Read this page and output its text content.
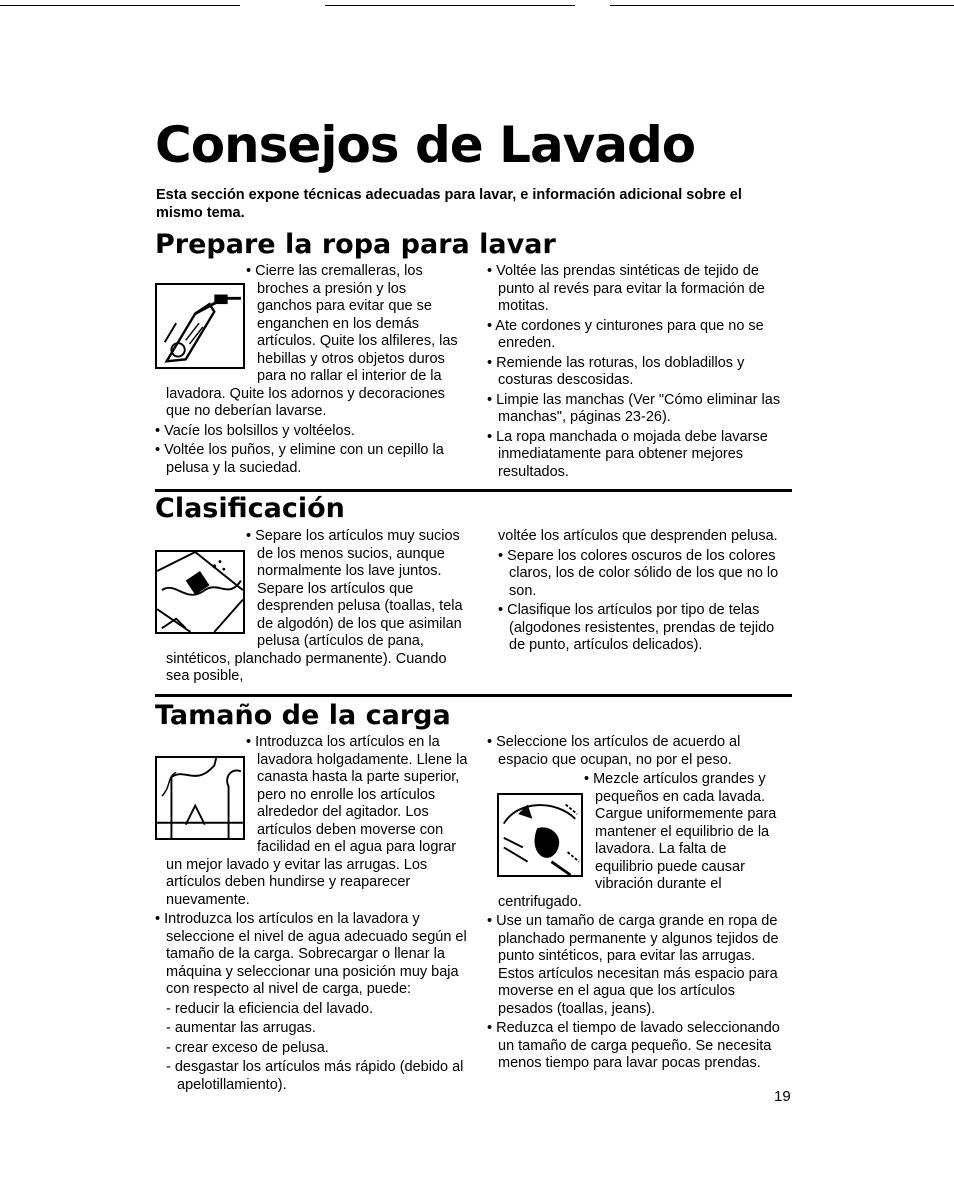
Consejos de Lavado
Esta sección expone técnicas adecuadas para lavar, e información adicional sobre el mismo tema.
Prepare la ropa para lavar

• Cierre las cremalleras, los broches a presión y los ganchos para evitar que se enganchen en los demás artículos. Quite los alfileres, las hebillas y otros objetos duros para no rallar el interior de la lavadora. Quite los adornos y decoraciones que no deberían lavarse.

• Vacíe los bolsillos y voltéelos.

• Voltée los puños, y elimine con un cepillo la pelusa y la suciedad.

• Voltée las prendas sintéticas de tejido de punto al revés para evitar la formación de motitas.

• Ate cordones y cinturones para que no se enreden.

• Remiende las roturas, los dobladillos y costuras descosidas.

• Limpie las manchas (Ver "Cómo eliminar las manchas", páginas 23-26).

• La ropa manchada o mojada debe lavarse inmediatamente para obtener mejores resultados.

Clasificación

• Separe los artículos muy sucios de los menos sucios, aunque normalmente los lave juntos. Separe los artículos que desprenden pelusa (toallas, tela de algodón) de los que asimilan pelusa (artículos de pana, sintéticos, planchado permanente). Cuando sea posible,

voltée los artículos que desprenden pelusa.

• Separe los colores oscuros de los colores claros, los de color sólido de los que no lo son.

• Clasifique los artículos por tipo de telas (algodones resistentes, prendas de tejido de punto, artículos delicados).

Tamaño de la carga

• Introduzca los artículos en la lavadora holgadamente. Llene la canasta hasta la parte superior, pero no enrolle los artículos alrededor del agitador. Los artículos deben moverse con facilidad en el agua para lograr un mejor lavado y evitar las arrugas. Los artículos deben hundirse y reaparecer nuevamente.

• Introduzca los artículos en la lavadora y seleccione el nivel de agua adecuado según el tamaño de la carga. Sobrecargar o llenar la máquina y seleccionar una posición muy baja con respecto al nivel de carga, puede:

- reducir la eficiencia del lavado.

- aumentar las arrugas.

- crear exceso de pelusa.

- desgastar los artículos más rápido (debido al apelotillamiento).

• Seleccione los artículos de acuerdo al espacio que ocupan, no por el peso.

• Mezcle artículos grandes y pequeños en cada lavada. Cargue uniformemente para mantener el equilibrio de la lavadora. La falta de equilibrio puede causar vibración durante el centrifugado.

• Use un tamaño de carga grande en ropa de planchado permanente y algunos tejidos de punto sintéticos, para evitar las arrugas. Estos artículos necesitan más espacio para moverse en el agua que los artículos pesados (toallas, jeans).

• Reduzca el tiempo de lavado seleccionando un tamaño de carga pequeño. Se necesita menos tiempo para lavar pocas prendas.

19
